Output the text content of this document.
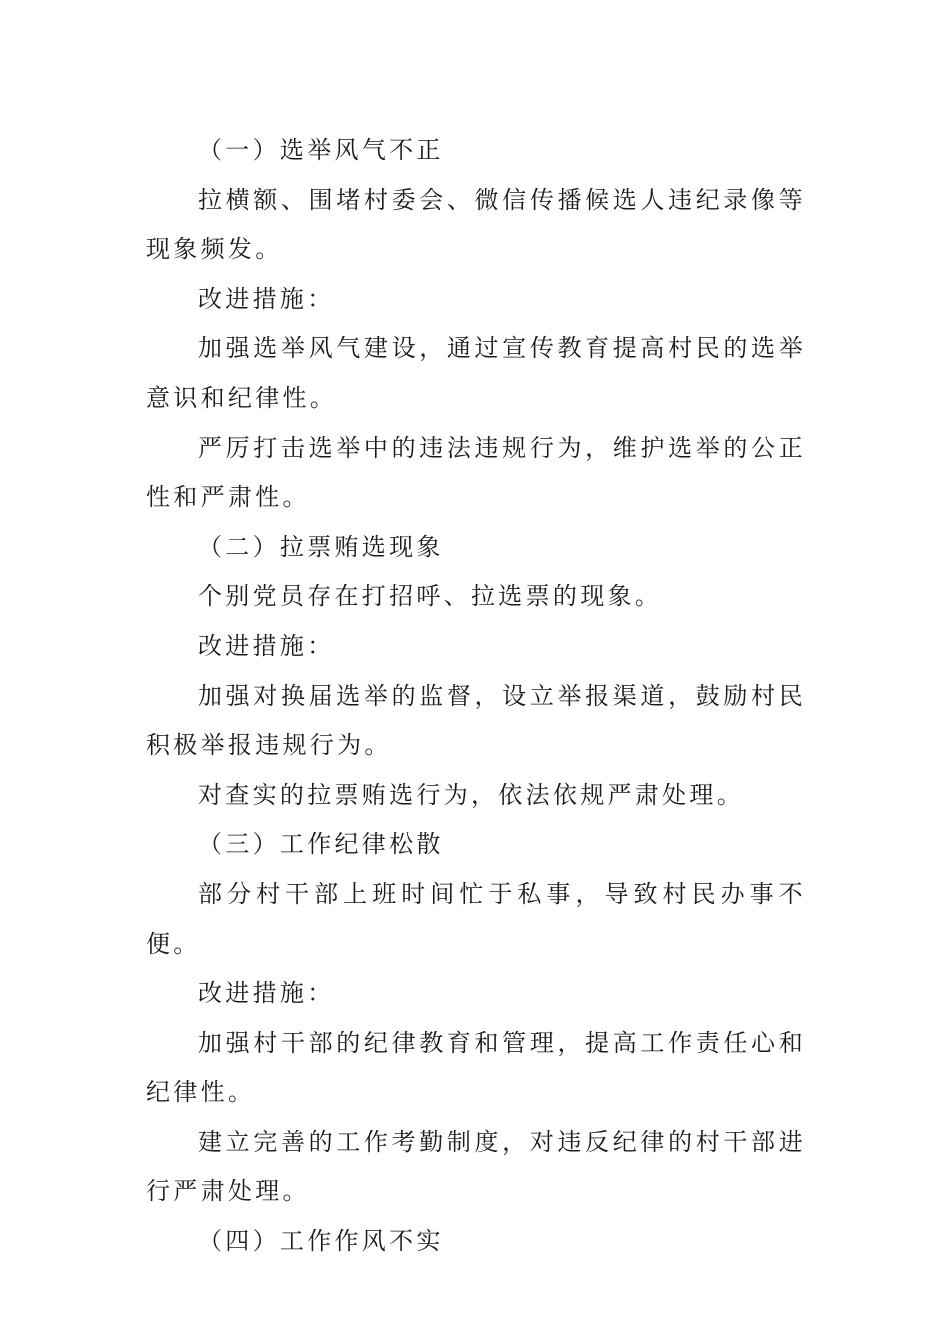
（一）选举风气不正

拉横额、围堵村委会、微信传播候选人违纪录像等现象频发。

改进措施：

加强选举风气建设，通过宣传教育提高村民的选举意识和纪律性。

严厉打击选举中的违法违规行为，维护选举的公正性和严肃性。

（二）拉票贿选现象

个别党员存在打招呼、拉选票的现象。

改进措施：

加强对换届选举的监督，设立举报渠道，鼓励村民积极举报违规行为。

对查实的拉票贿选行为，依法依规严肃处理。

（三）工作纪律松散

部分村干部上班时间忙于私事，导致村民办事不便。

改进措施：

加强村干部的纪律教育和管理，提高工作责任心和纪律性。

建立完善的工作考勤制度，对违反纪律的村干部进行严肃处理。

（四）工作作风不实
